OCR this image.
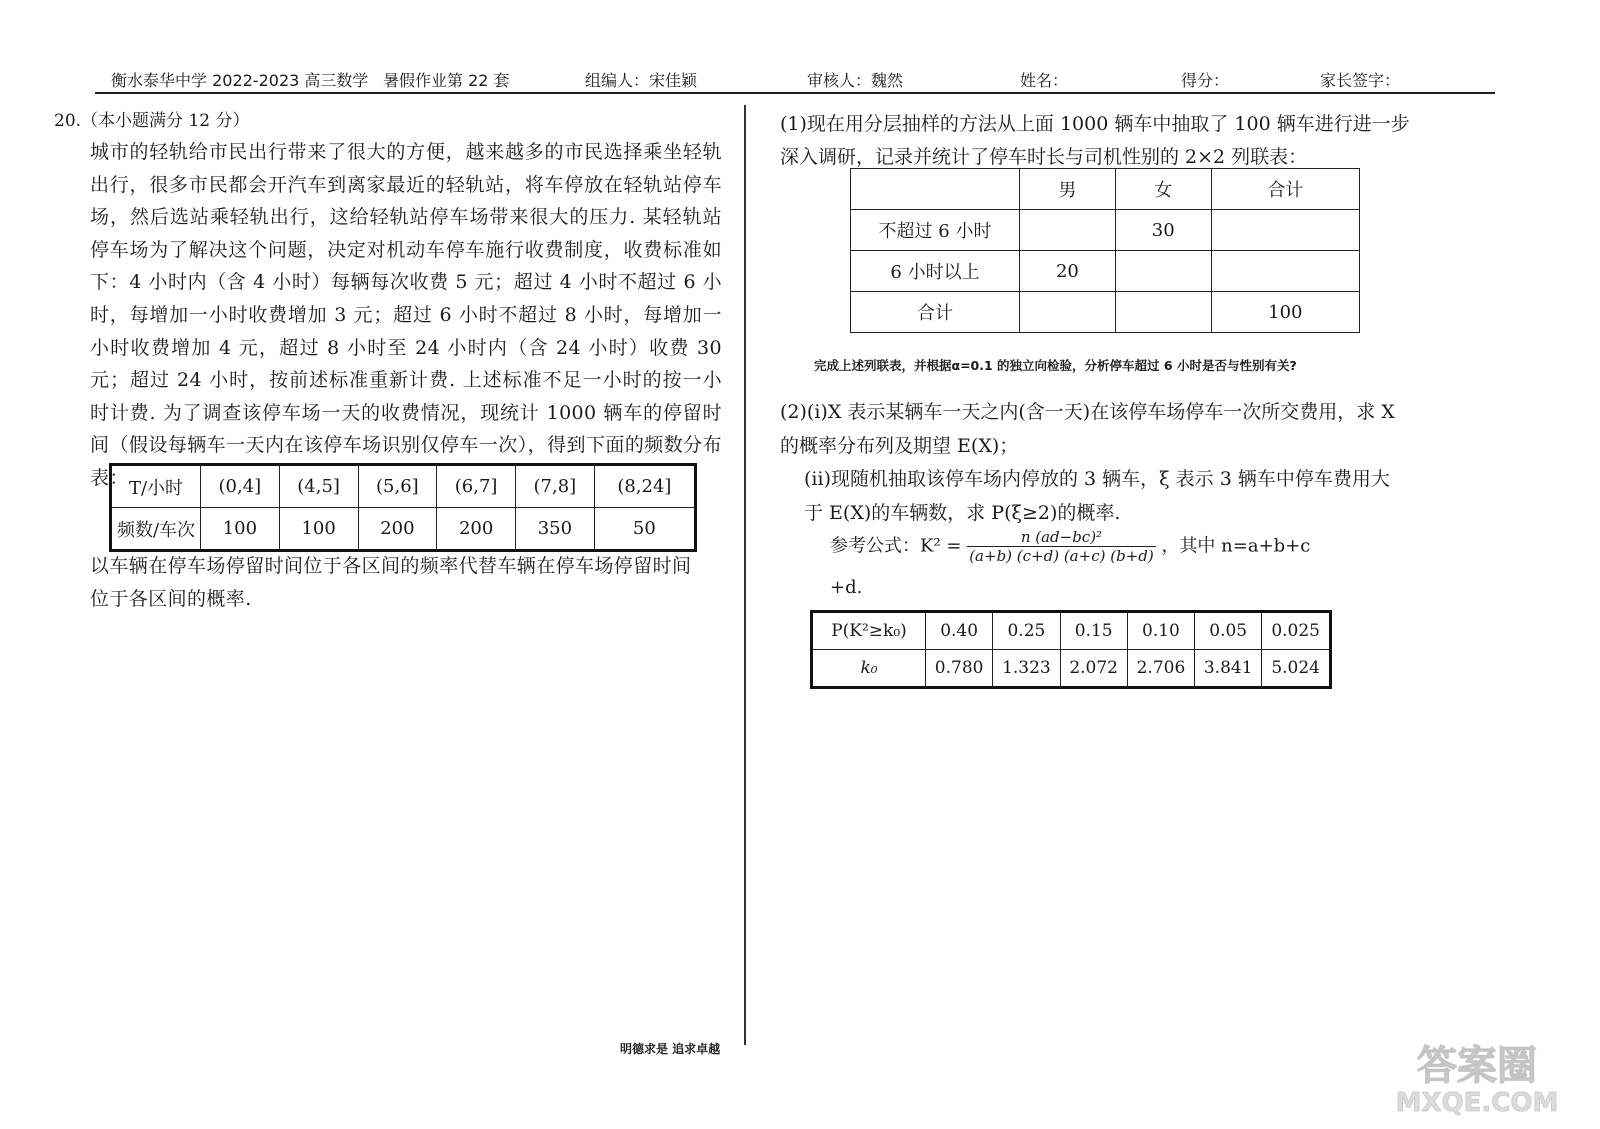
衡水泰华中学 2022-2023 高三数学 暑假作业第 22 套	组编人：宋佳颖	审核人：魏然	姓名：	得分：	家长签字：
20.（本小题满分 12 分）
城市的轻轨给市民出行带来了很大的方便，越来越多的市民选择乘坐轻轨出行，很多市民都会开汽车到离家最近的轻轨站，将车停放在轻轨站停车场，然后选站乘轻轨出行，这给轻轨站停车场带来很大的压力. 某轻轨站停车场为了解决这个问题，决定对机动车停车施行收费制度，收费标准如下：4 小时内（含 4 小时）每辆每次收费 5 元；超过 4 小时不超过 6 小时，每增加一小时收费增加 3 元；超过 6 小时不超过 8 小时，每增加一小时收费增加 4 元，超过 8 小时至 24 小时内（含 24 小时）收费 30 元；超过 24 小时，按前述标准重新计费. 上述标准不足一小时的按一小时计费. 为了调查该停车场一天的收费情况，现统计 1000 辆车的停留时间（假设每辆车一天内在该停车场识别仅停车一次），得到下面的频数分布表： T/小时	(0,4]	(4,5]	(5,6]	(6,7]	(7,8]	(8,24]
频数/车次	100	100	200	200	350	50
以车辆在停车场停留时间位于各区间的频率代替车辆在停车场停留时间位于各区间的概率.
(1)现在用分层抽样的方法从上面 1000 辆车中抽取了 100 辆车进行进一步深入调研，记录并统计了停车时长与司机性别的 2×2 列联表：
	男	女	合计
不超过 6 小时		30	
6 小时以上	20		
合计			100
完成上述列联表，并根据α=0.1 的独立向检验，分析停车超过 6 小时是否与性别有关?
(2)(ⅰ)X 表示某辆车一天之内(含一天)在该停车场停车一次所交费用，求 X 的概率分布列及期望 E(X)；
(ⅱ)现随机抽取该停车场内停放的 3 辆车，ξ 表示 3 辆车中停车费用大于 E(X)的车辆数，求 P(ξ≥2)的概率.
参考公式：$K^2 = \frac{\text{n (ad−bc)²}}{(a+b) (c+d) (a+c) (b+d)}$ ，其中 n=a+b+c
+d.
P(K²≥k₀)	0.40	0.25	0.15	0.10	0.05	0.025
k₀	0.780	1.323	2.072	2.706	3.841	5.024
明德求是 追求卓越	答案圈
MXQE.COM
